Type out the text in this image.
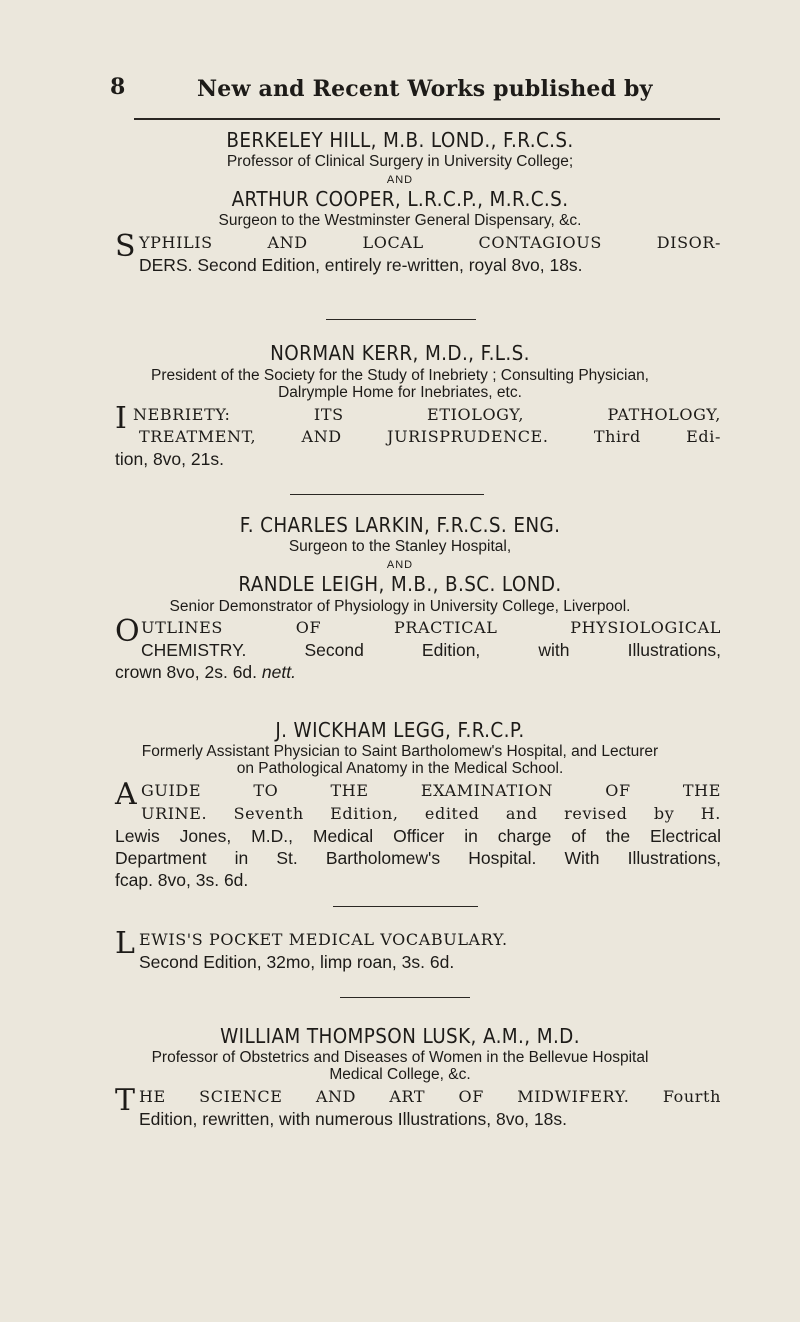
8	New and Recent Works published by
BERKELEY HILL, M.B. LOND., F.R.C.S.
Professor of Clinical Surgery in University College;
AND
ARTHUR COOPER, L.R.C.P., M.R.C.S.
Surgeon to the Westminster General Dispensary, &c.
S YPHILIS AND LOCAL CONTAGIOUS DISOR-
DERS. Second Edition, entirely re-written, royal 8vo, 18s.
NORMAN KERR, M.D., F.L.S.
President of the Society for the Study of Inebriety ; Consulting Physician,
Dalrymple Home for Inebriates, etc.
I NEBRIETY: ITS ETIOLOGY, PATHOLOGY,
TREATMENT, AND JURISPRUDENCE. Third Edi-
tion, 8vo, 21s.
F. CHARLES LARKIN, F.R.C.S. ENG.
Surgeon to the Stanley Hospital,
AND
RANDLE LEIGH, M.B., B.SC. LOND.
Senior Demonstrator of Physiology in University College, Liverpool.
O UTLINES OF PRACTICAL PHYSIOLOGICAL
CHEMISTRY. Second Edition, with Illustrations,
crown 8vo, 2s. 6d. nett.
J. WICKHAM LEGG, F.R.C.P.
Formerly Assistant Physician to Saint Bartholomew's Hospital, and Lecturer
on Pathological Anatomy in the Medical School.
A GUIDE TO THE EXAMINATION OF THE
URINE. Seventh Edition, edited and revised by H.
Lewis Jones, M.D., Medical Officer in charge of the Electrical
Department in St. Bartholomew's Hospital. With Illustrations,
fcap. 8vo, 3s. 6d.
L EWIS'S POCKET MEDICAL VOCABULARY.
Second Edition, 32mo, limp roan, 3s. 6d.
WILLIAM THOMPSON LUSK, A.M., M.D.
Professor of Obstetrics and Diseases of Women in the Bellevue Hospital
Medical College, &c.
T HE SCIENCE AND ART OF MIDWIFERY. Fourth
Edition, rewritten, with numerous Illustrations, 8vo, 18s.
